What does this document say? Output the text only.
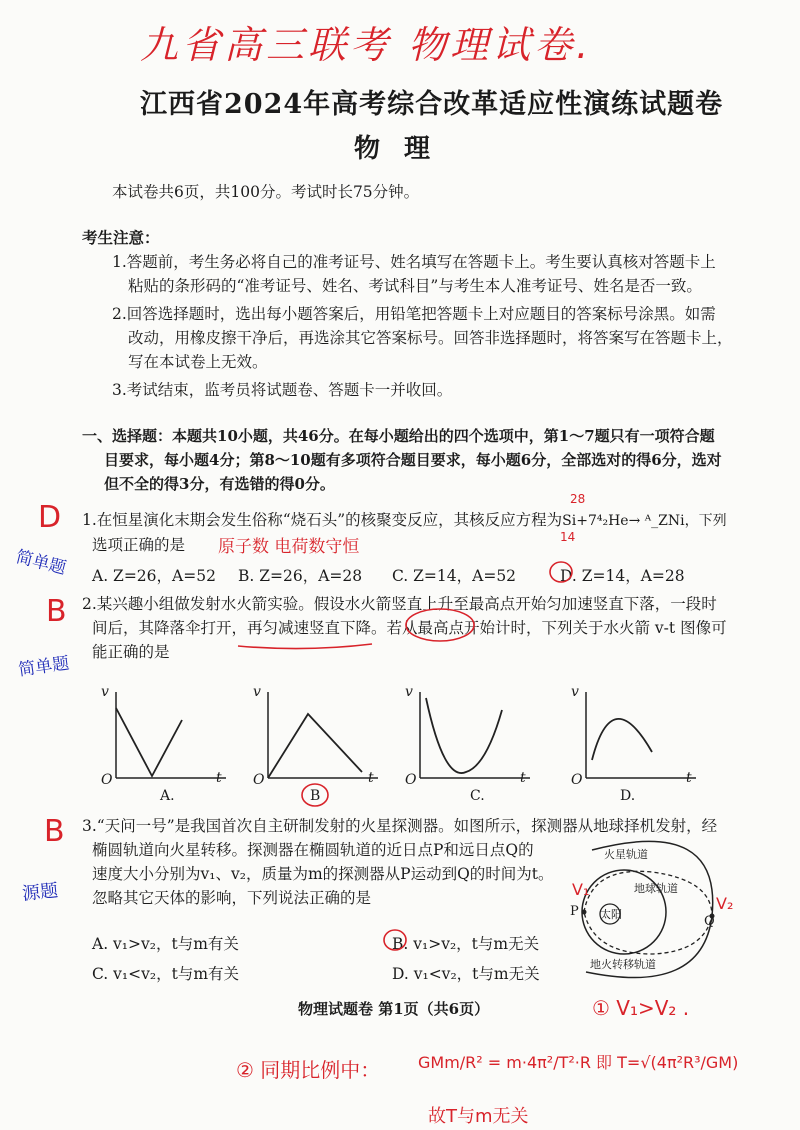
九省高三联考 物理试卷.
江西省2024年高考综合改革适应性演练试题卷
物理
本试卷共6页，共100分。考试时长75分钟。
考生注意：
1.答题前，考生务必将自己的准考证号、姓名填写在答题卡上。考生要认真核对答题卡上
粘贴的条形码的“准考证号、姓名、考试科目”与考生本人准考证号、姓名是否一致。
2.回答选择题时，选出每小题答案后，用铅笔把答题卡上对应题目的答案标号涂黑。如需
改动，用橡皮擦干净后，再选涂其它答案标号。回答非选择题时，将答案写在答题卡上，
写在本试卷上无效。
3.考试结束，监考员将试题卷、答题卡一并收回。
一、选择题：本题共10小题，共46分。在每小题给出的四个选项中，第1～7题只有一项符合题
目要求，每小题4分；第8～10题有多项符合题目要求，每小题6分，全部选对的得6分，选对
但不全的得3分，有选错的得0分。
D
简单题
28
14
1.在恒星演化末期会发生俗称“烧石头”的核聚变反应，其核反应方程为Si+7⁴₂He→ ᴬ_ZNi，下列
选项正确的是	原子数 电荷数守恒
A. Z=26，A=52 B. Z=26，A=28 C. Z=14，A=52	D. Z=14，A=28
B
简单题
2.某兴趣小组做发射水火箭实验。假设水火箭竖直上升至最高点开始匀加速竖直下落，一段时
间后，其降落伞打开，再匀减速竖直下降。若从最高点开始计时，下列关于水火箭 v-t 图像可
能正确的是
v
O	t
A.
v
O	t
B
v
O	t
C.
v
O	t
D.
B
源题
3.“天问一号”是我国首次自主研制发射的火星探测器。如图所示，探测器从地球择机发射，经
椭圆轨道向火星转移。探测器在椭圆轨道的近日点P和远日点Q的
速度大小分别为v₁、v₂，质量为m的探测器从P运动到Q的时间为t。
忽略其它天体的影响，下列说法正确的是
A. v₁>v₂，t与m有关	B. v₁>v₂，t与m无关
C. v₁<v₂，t与m有关	D. v₁<v₂，t与m无关
火星轨道
地球轨道
太阳
地火转移轨道
P
Q
V₁
V₂
物理试题卷 第1页（共6页）	① V₁>V₂ .
② 同期比例中： GMm/R² = m·4π²/T²·R 即 T=√(4π²R³/GM)
故T与m无关
